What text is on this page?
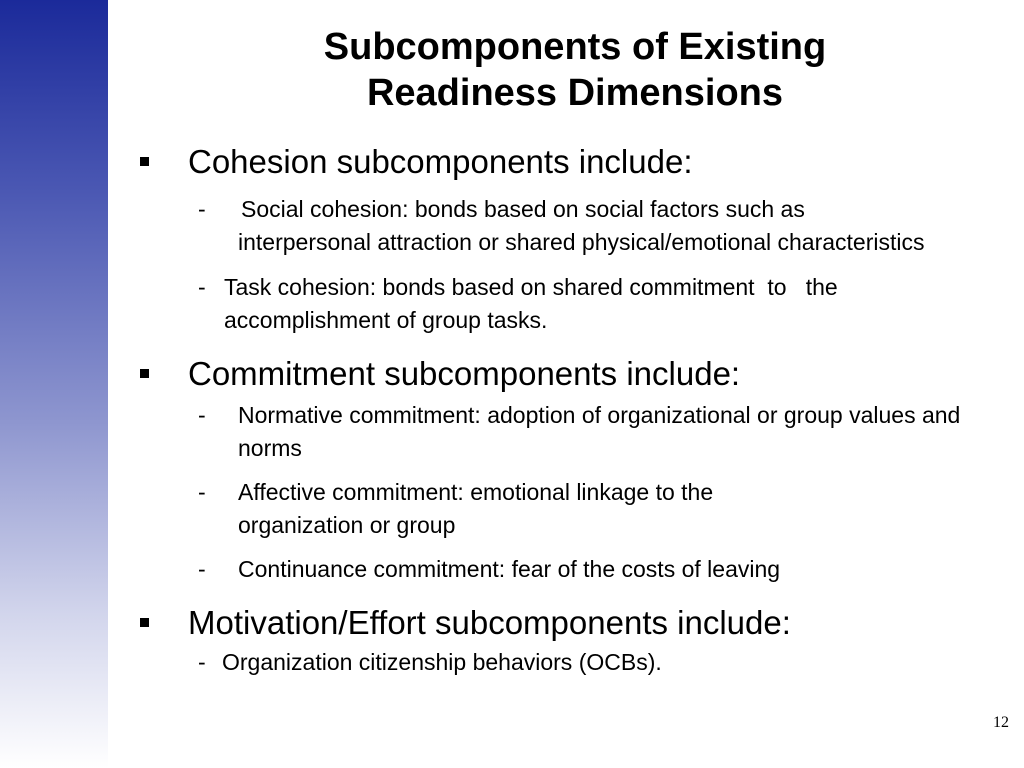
Subcomponents of Existing
Readiness Dimensions
Cohesion subcomponents include:
- Social cohesion: bonds based on social factors such as interpersonal attraction or shared physical/emotional characteristics
- Task cohesion: bonds based on shared commitment  to   the accomplishment of group tasks.
Commitment subcomponents include:
- Normative commitment: adoption of organizational or group values and norms
- Affective commitment: emotional linkage to the organization or group
- Continuance commitment: fear of the costs of leaving
Motivation/Effort subcomponents include:
- Organization citizenship behaviors (OCBs).
12
